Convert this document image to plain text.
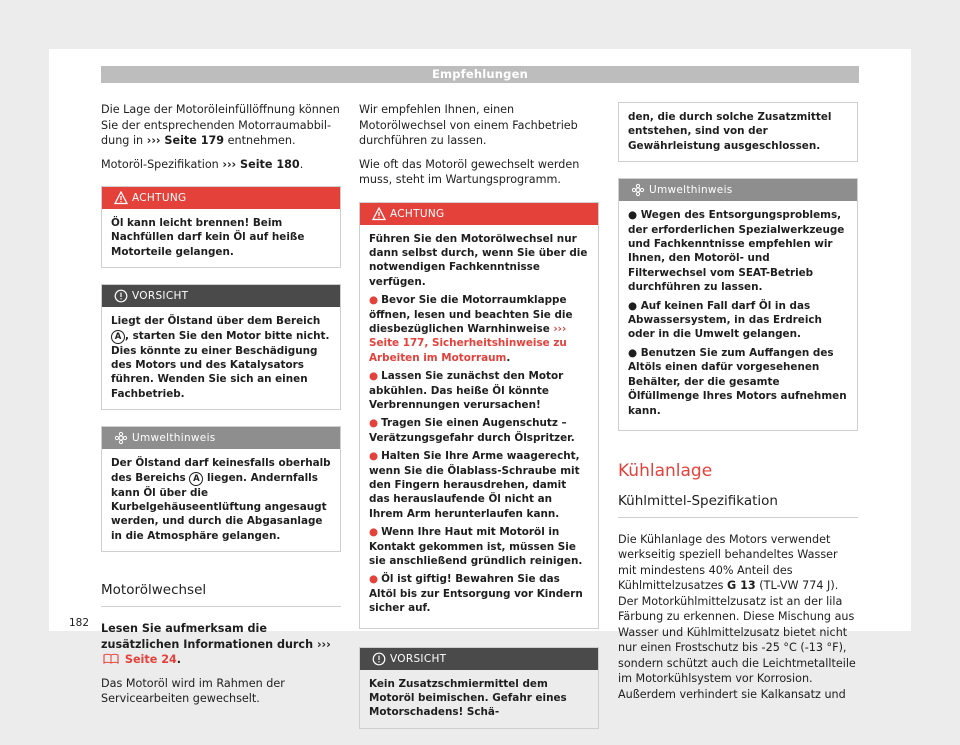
Empfehlungen

Die Lage der Motoröleinfüllöffnung können Sie der entsprechenden Motorraumabbildung in ››› Seite 179 entnehmen.

Motoröl-Spezifikation ››› Seite 180.

ACHTUNG
Öl kann leicht brennen! Beim Nachfüllen darf kein Öl auf heiße Motorteile gelangen.
VORSICHT
Liegt der Ölstand über dem Bereich A , starten Sie den Motor bitte nicht. Dies könnte zu einer Beschädigung des Motors und des Katalysators führen. Wenden Sie sich an einen Fachbetrieb.
Umwelthinweis
Der Ölstand darf keinesfalls oberhalb des Bereichs A liegen. Andernfalls kann Öl über die Kurbelgehäuseentlüftung angesaugt werden, und durch die Abgasanlage in die Atmosphäre gelangen.
Motorölwechsel

Lesen Sie aufmerksam die zusätzlichen Informationen durch ›››  Seite 24.

Das Motoröl wird im Rahmen der Servicearbeiten gewechselt.

Wir empfehlen Ihnen, einen Motorölwechsel von einem Fachbetrieb durchführen zu lassen.

Wie oft das Motoröl gewechselt werden muss, steht im Wartungsprogramm.

ACHTUNG

Führen Sie den Motorölwechsel nur dann selbst durch, wenn Sie über die notwendigen Fachkenntnisse verfügen.

● Bevor Sie die Motorraumklappe öffnen, lesen und beachten Sie die diesbezüglichen Warnhinweise ››› Seite 177, Sicherheitshinweise zu Arbeiten im Motorraum.
● Lassen Sie zunächst den Motor abkühlen. Das heiße Öl könnte Verbrennungen verursachen!
● Tragen Sie einen Augenschutz – Verätzungsgefahr durch Ölspritzer.
● Halten Sie Ihre Arme waagerecht, wenn Sie die Ölablass-Schraube mit den Fingern herausdrehen, damit das herauslaufende Öl nicht an Ihrem Arm herunterlaufen kann.
● Wenn Ihre Haut mit Motoröl in Kontakt gekommen ist, müssen Sie sie anschließend gründlich reinigen.
● Öl ist giftig! Bewahren Sie das Altöl bis zur Entsorgung vor Kindern sicher auf.
VORSICHT
Kein Zusatzschmiermittel dem Motoröl beimischen. Gefahr eines Motorschadens! Schä-
den, die durch solche Zusatzmittel entstehen, sind von der Gewährleistung ausgeschlossen.
Umwelthinweis
● Wegen des Entsorgungsproblems, der erforderlichen Spezialwerkzeuge und Fachkenntnisse empfehlen wir Ihnen, den Motoröl- und Filterwechsel vom SEAT-Betrieb durchführen zu lassen.
● Auf keinen Fall darf Öl in das Abwassersystem, in das Erdreich oder in die Umwelt gelangen.
● Benutzen Sie zum Auffangen des Altöls einen dafür vorgesehenen Behälter, der die gesamte Ölfüllmenge Ihres Motors aufnehmen kann.
Kühlanlage
Kühlmittel-Spezifikation

Die Kühlanlage des Motors verwendet werkseitig speziell behandeltes Wasser mit mindestens 40% Anteil des Kühlmittelzusatzes G 13 (TL-VW 774 J). Der Motorkühlmittelzusatz ist an der lila Färbung zu erkennen. Diese Mischung aus Wasser und Kühlmittelzusatz bietet nicht nur einen Frostschutz bis -25 °C (-13 °F), sondern schützt auch die Leichtmetallteile im Motorkühlsystem vor Korrosion. Außerdem verhindert sie Kalkansatz und

182
